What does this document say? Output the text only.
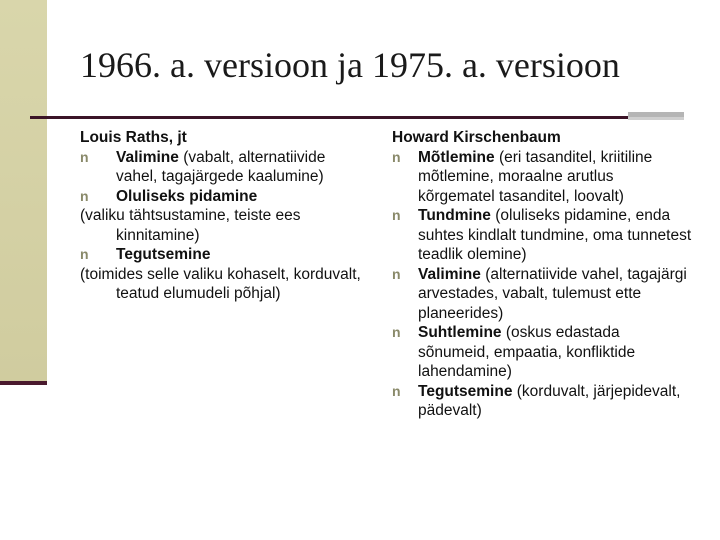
1966. a. versioon ja 1975. a. versioon

Louis Raths, jt

n Valimine (vabalt, alternatiivide vahel, tagajärgede kaalumine)
n Oluliseks pidamine
(valiku tähtsustamine, teiste ees kinnitamine)
n Tegutsemine
(toimides selle valiku kohaselt, korduvalt, teatud elumudeli põhjal)

Howard Kirschenbaum

n Mõtlemine (eri tasanditel, kriitiline mõtlemine, moraalne arutlus kõrgematel tasanditel, loovalt)
n Tundmine (oluliseks pidamine, enda suhtes kindlalt tundmine, oma tunnetest teadlik olemine)
n Valimine (alternatiivide vahel, tagajärgi arvestades, vabalt, tulemust ette planeerides)
n Suhtlemine (oskus edastada sõnumeid, empaatia, konfliktide lahendamine)
n Tegutsemine (korduvalt, järjepidevalt, pädevalt)
